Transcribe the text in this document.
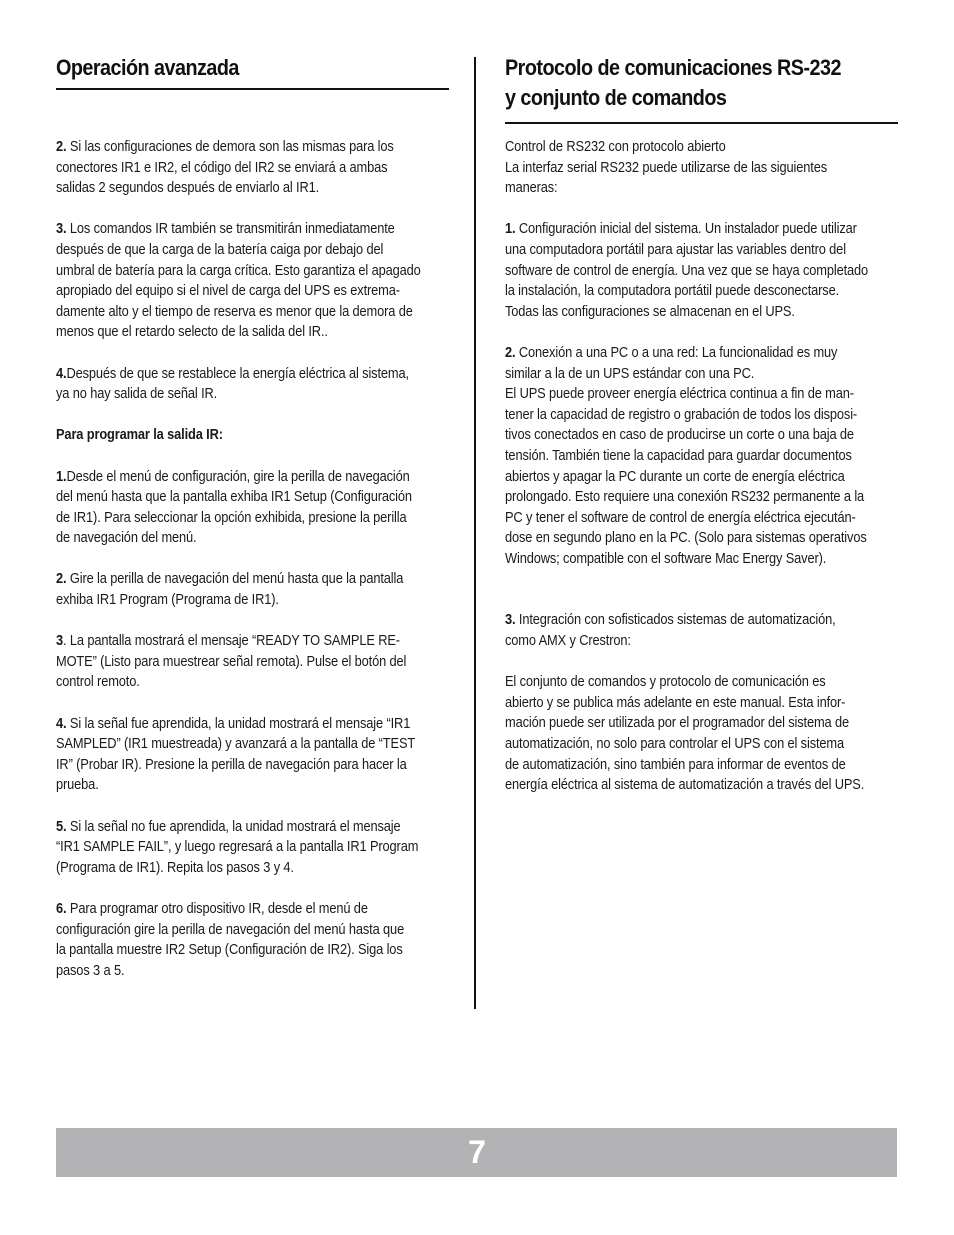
Operación avanzada
2. Si las configuraciones de demora son las mismas para los
conectores IR1 e IR2, el código del IR2 se enviará a ambas
salidas 2 segundos después de enviarlo al IR1.
3. Los comandos IR también se transmitirán inmediatamente
después de que la carga de la batería caiga por debajo del
umbral de batería para la carga crítica. Esto garantiza el apagado
apropiado del equipo si el nivel de carga del UPS es extrema-
damente alto y el tiempo de reserva es menor que la demora de
menos que el retardo selecto de la salida del IR..
4.Después de que se restablece la energía eléctrica al sistema,
ya no hay salida de señal IR.
Para programar la salida IR:
1.Desde el menú de configuración, gire la perilla de navegación
del menú hasta que la pantalla exhiba IR1 Setup (Configuración
de IR1). Para seleccionar la opción exhibida, presione la perilla
de navegación del menú.
2. Gire la perilla de navegación del menú hasta que la pantalla
exhiba IR1 Program (Programa de IR1).
3. La pantalla mostrará el mensaje “READY TO SAMPLE RE-
MOTE” (Listo para muestrear señal remota). Pulse el botón del
control remoto.
4. Si la señal fue aprendida, la unidad mostrará el mensaje “IR1
SAMPLED” (IR1 muestreada) y avanzará a la pantalla de “TEST
IR” (Probar IR). Presione la perilla de navegación para hacer la
prueba.
5. Si la señal no fue aprendida, la unidad mostrará el mensaje
“IR1 SAMPLE FAIL”, y luego regresará a la pantalla IR1 Program
(Programa de IR1). Repita los pasos 3 y 4.
6. Para programar otro dispositivo IR, desde el menú de
configuración gire la perilla de navegación del menú hasta que
la pantalla muestre IR2 Setup (Configuración de IR2). Siga los
pasos 3 a 5.
Protocolo de comunicaciones RS-232
y conjunto de comandos
Control de RS232 con protocolo abierto
La interfaz serial RS232 puede utilizarse de las siguientes
maneras:
1. Configuración inicial del sistema. Un instalador puede utilizar
una computadora portátil para ajustar las variables dentro del
software de control de energía. Una vez que se haya completado
la instalación, la computadora portátil puede desconectarse.
Todas las configuraciones se almacenan en el UPS.
2. Conexión a una PC o a una red: La funcionalidad es muy
similar a la de un UPS estándar con una PC.
El UPS puede proveer energía eléctrica continua a fin de man-
tener la capacidad de registro o grabación de todos los disposi-
tivos conectados en caso de producirse un corte o una baja de
tensión. También tiene la capacidad para guardar documentos
abiertos y apagar la PC durante un corte de energía eléctrica
prolongado. Esto requiere una conexión RS232 permanente a la
PC y tener el software de control de energía eléctrica ejecután-
dose en segundo plano en la PC. (Solo para sistemas operativos
Windows; compatible con el software Mac Energy Saver).
3. Integración con sofisticados sistemas de automatización,
como AMX y Crestron:
El conjunto de comandos y protocolo de comunicación es
abierto y se publica más adelante en este manual. Esta infor-
mación puede ser utilizada por el programador del sistema de
automatización, no solo para controlar el UPS con el sistema
de automatización, sino también para informar de eventos de
energía eléctrica al sistema de automatización a través del UPS.
7
